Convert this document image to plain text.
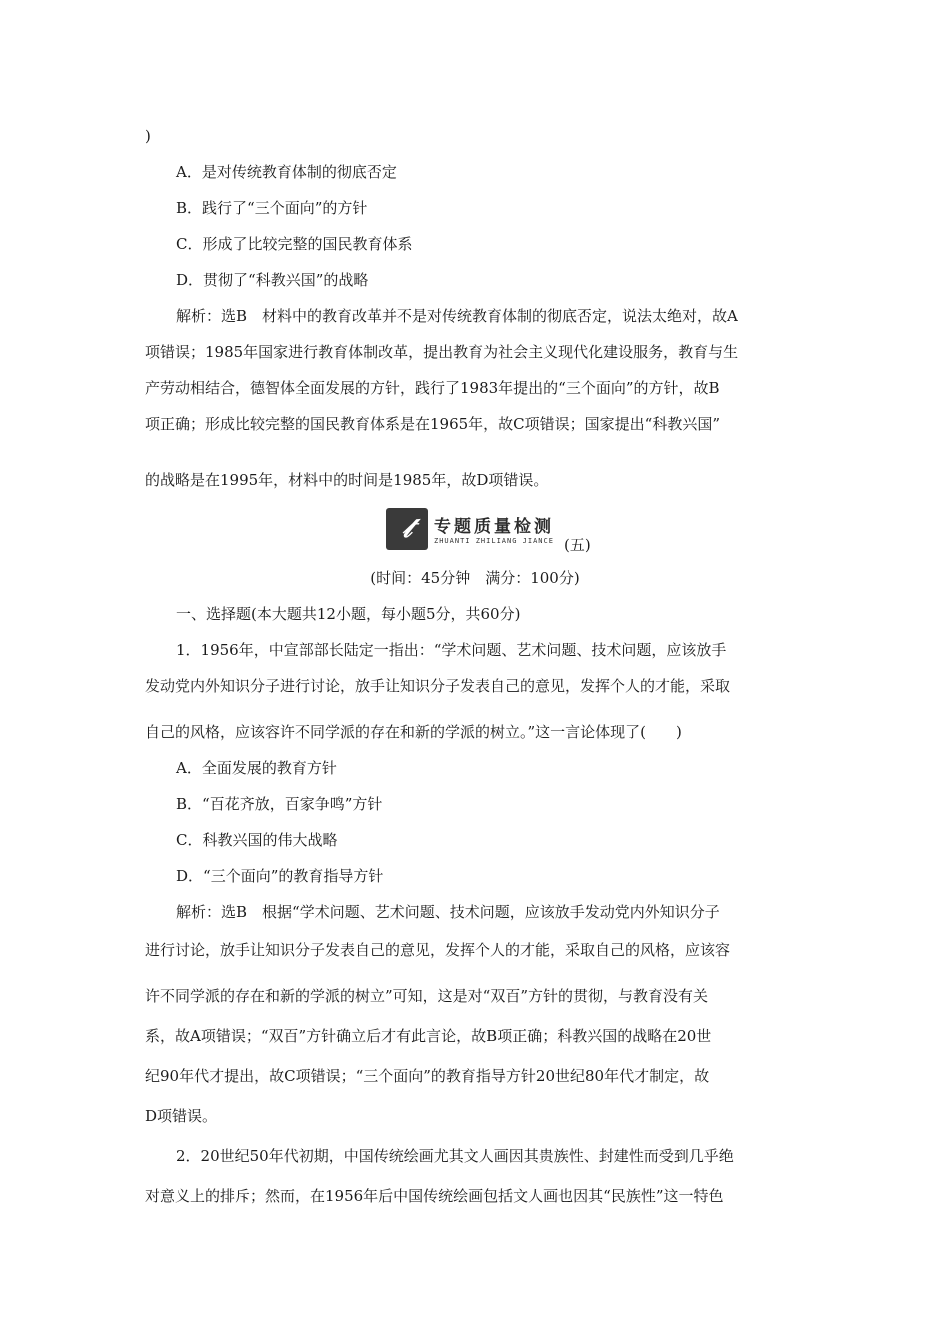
)
A．是对传统教育体制的彻底否定
B．践行了“三个面向”的方针
C．形成了比较完整的国民教育体系
D．贯彻了“科教兴国”的战略
解析：选B　材料中的教育改革并不是对传统教育体制的彻底否定，说法太绝对，故A
项错误；1985年国家进行教育体制改革，提出教育为社会主义现代化建设服务，教育与生
产劳动相结合，德智体全面发展的方针，践行了1983年提出的“三个面向”的方针，故B
项正确；形成比较完整的国民教育体系是在1965年，故C项错误；国家提出“科教兴国”
的战略是在1995年，材料中的时间是1985年，故D项错误。
𝓉	专题质量检测
ZHUANTI ZHILIANG JIANCE (五)
(时间：45分钟　满分：100分)
一、选择题(本大题共12小题，每小题5分，共60分)
1．1956年，中宣部部长陆定一指出：“学术问题、艺术问题、技术问题，应该放手
发动党内外知识分子进行讨论，放手让知识分子发表自己的意见，发挥个人的才能，采取
自己的风格，应该容许不同学派的存在和新的学派的树立。”这一言论体现了(　　)
A．全面发展的教育方针
B．“百花齐放，百家争鸣”方针
C．科教兴国的伟大战略
D．“三个面向”的教育指导方针
解析：选B　根据“学术问题、艺术问题、技术问题，应该放手发动党内外知识分子
进行讨论，放手让知识分子发表自己的意见，发挥个人的才能，采取自己的风格，应该容
许不同学派的存在和新的学派的树立”可知，这是对“双百”方针的贯彻，与教育没有关
系，故A项错误；“双百”方针确立后才有此言论，故B项正确；科教兴国的战略在20世
纪90年代才提出，故C项错误；“三个面向”的教育指导方针20世纪80年代才制定，故
D项错误。
2．20世纪50年代初期，中国传统绘画尤其文人画因其贵族性、封建性而受到几乎绝
对意义上的排斥；然而，在1956年后中国传统绘画包括文人画也因其“民族性”这一特色
